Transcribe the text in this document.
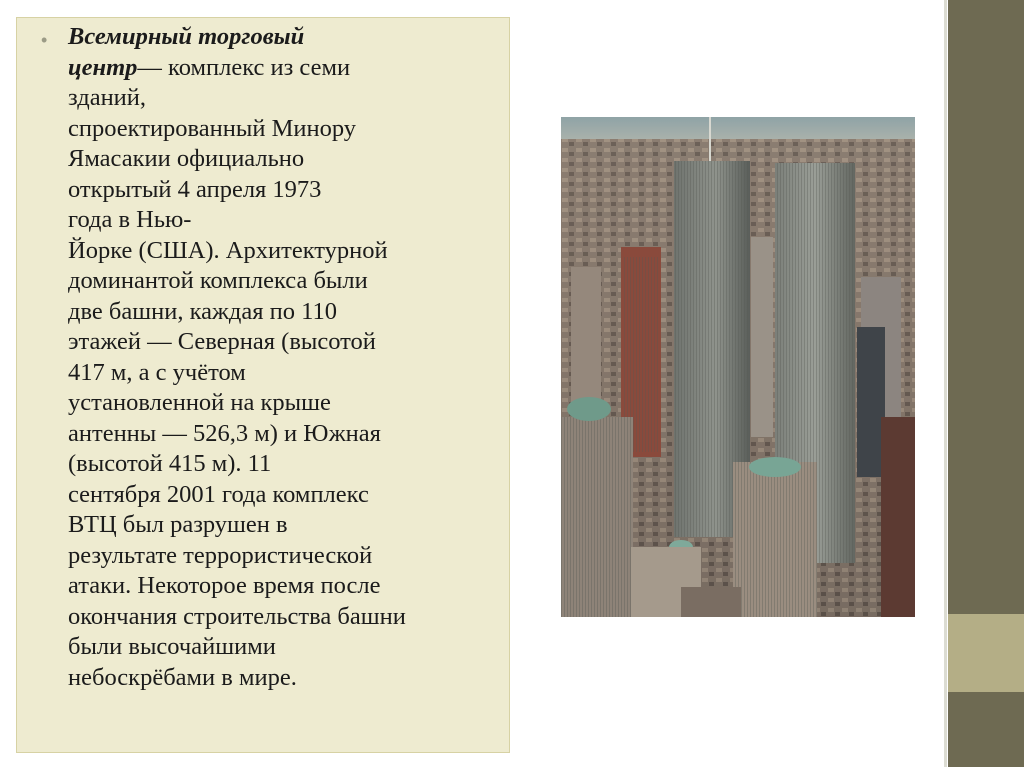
• Всемирный торговый
центр— комплекс из семи
зданий,
спроектированный Минору
Ямасакии официально
открытый 4 апреля 1973
года в Нью-
Йорке (США). Архитектурной
доминантой комплекса были
две башни, каждая по 110
этажей — Северная (высотой
417 м, а с учётом
установленной на крыше
антенны — 526,3 м) и Южная
(высотой 415 м). 11
сентября 2001 года комплекс
ВТЦ был разрушен в
результате террористической
атаки. Некоторое время после
окончания строительства башни
были высочайшими
небоскрёбами в мире.
